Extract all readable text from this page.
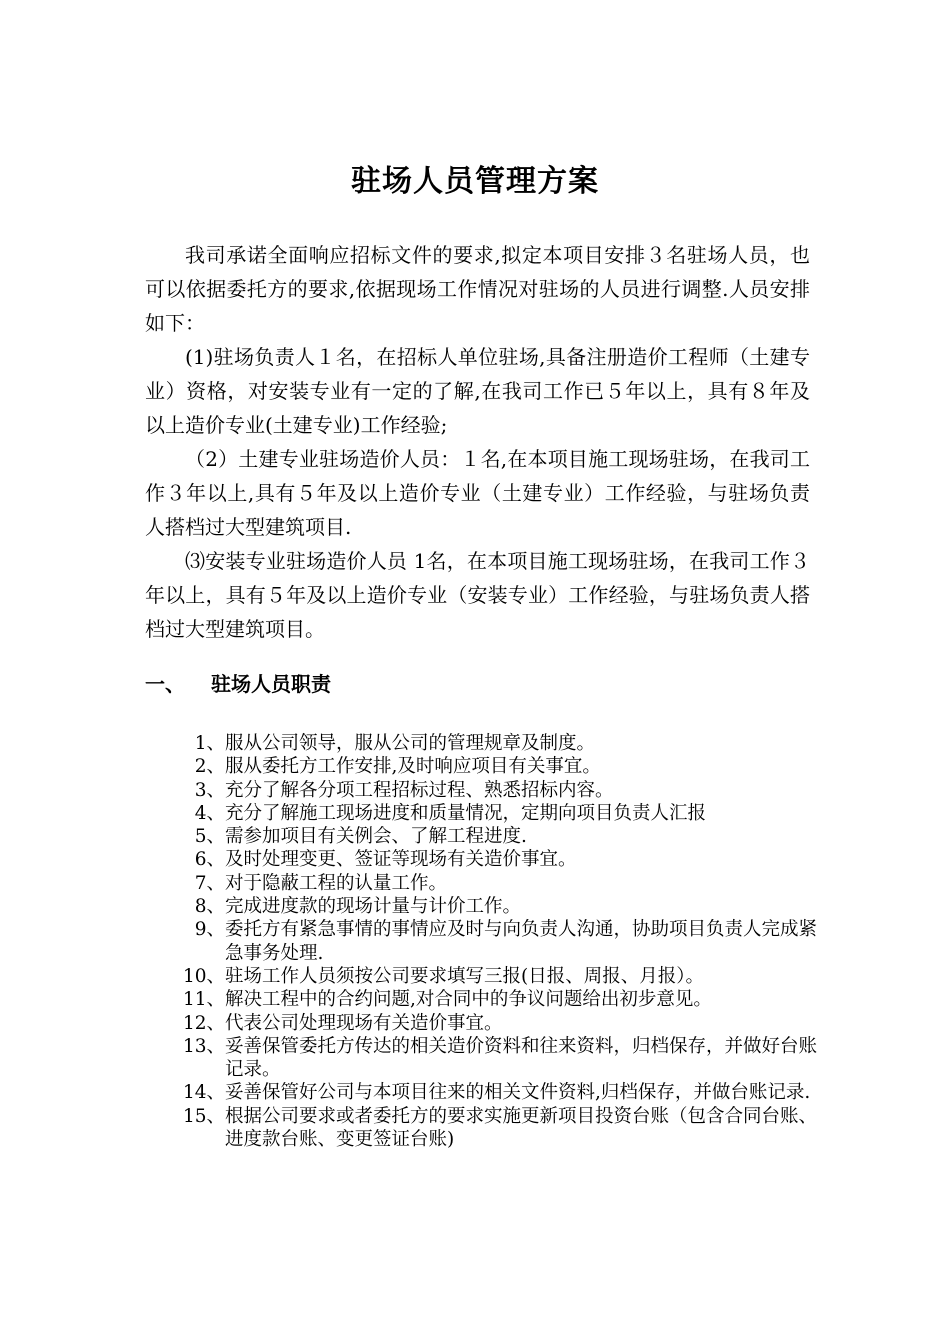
驻场人员管理方案

我司承诺全面响应招标文件的要求,拟定本项目安排３名驻场人员，也可以依据委托方的要求,依据现场工作情况对驻场的人员进行调整.人员安排如下：

(1)驻场负责人１名，在招标人单位驻场,具备注册造价工程师（土建专业）资格，对安装专业有一定的了解,在我司工作已５年以上，具有８年及以上造价专业(土建专业)工作经验;

（2）土建专业驻场造价人员：１名,在本项目施工现场驻场，在我司工作３年以上,具有５年及以上造价专业（土建专业）工作经验，与驻场负责人搭档过大型建筑项目.

⑶安装专业驻场造价人员 1名，在本项目施工现场驻场，在我司工作３年以上，具有５年及以上造价专业（安装专业）工作经验，与驻场负责人搭档过大型建筑项目。

一、 驻场人员职责
1、 服从公司领导，服从公司的管理规章及制度。
2、 服从委托方工作安排,及时响应项目有关事宜。
3、 充分了解各分项工程招标过程、熟悉招标内容。
4、 充分了解施工现场进度和质量情况，定期向项目负责人汇报
5、 需参加项目有关例会、了解工程进度.
6、 及时处理变更、签证等现场有关造价事宜。
7、 对于隐蔽工程的认量工作。
8、 完成进度款的现场计量与计价工作。
9、 委托方有紧急事情的事情应及时与向负责人沟通，协助项目负责人完成紧急事务处理.
10、 驻场工作人员须按公司要求填写三报(日报、周报、月报）。
11、 解决工程中的合约问题,对合同中的争议问题给出初步意见。
12、 代表公司处理现场有关造价事宜。
13、 妥善保管委托方传达的相关造价资料和往来资料，归档保存，并做好台账记录。
14、 妥善保管好公司与本项目往来的相关文件资料,归档保存，并做台账记录.
15、 根据公司要求或者委托方的要求实施更新项目投资台账（包含合同台账、进度款台账、变更签证台账)
